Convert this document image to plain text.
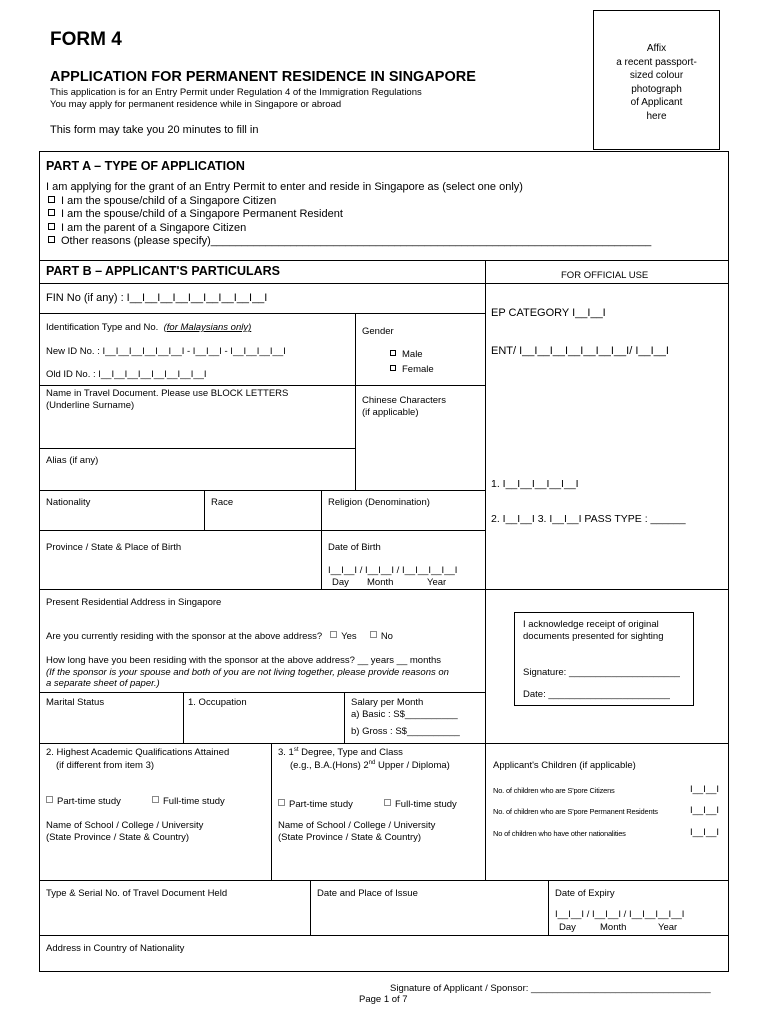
FORM 4
APPLICATION FOR PERMANENT RESIDENCE IN SINGAPORE
This application is for an Entry Permit under Regulation 4 of the Immigration Regulations
You may apply for permanent residence while in Singapore or abroad
This form may take you 20 minutes to fill in
Affix
a recent passport-
sized colour
photograph
of Applicant
here
PART A – TYPE OF APPLICATION
I am applying for the grant of an Entry Permit to enter and reside in Singapore as (select one only)
I am the spouse/child of a Singapore Citizen
I am the spouse/child of a Singapore Permanent Resident
I am the parent of a Singapore Citizen
Other reasons (please specify)________________________________________________________________________
PART B – APPLICANT'S PARTICULARS	FOR OFFICIAL USE
FIN No (if any) : I__I__I__I__I__I__I__I__I__I
Identification Type and No. (for Malaysians only)
New ID No. : I__I__I__I__I__I__I - I__I__I - I__I__I__I__I
Old ID No. : I__I__I__I__I__I__I__I__I
Gender
Male
Female
Name in Travel Document. Please use BLOCK LETTERS
(Underline Surname)	Chinese Characters
(if applicable)
Alias (if any)
Nationality	Race	Religion (Denomination)
Province / State & Place of Birth	Date of Birth
I__I__I / I__I__I / I__I__I__I__I
Day Month	Year
Present Residential Address in Singapore
Are you currently residing with the sponsor at the above address? Yes	No
How long have you been residing with the sponsor at the above address? __ years __ months
(If the sponsor is your spouse and both of you are not living together, please provide reasons on
a separate sheet of paper.)
Marital Status	1. Occupation	Salary per Month
a) Basic : S$__________
b) Gross : S$__________
2. Highest Academic Qualifications Attained
(if different from item 3)
Part-time study	Full-time study
Name of School / College / University
(State Province / State & Country)
3. 1st Degree, Type and Class
(e.g., B.A.(Hons) 2nd Upper / Diploma)
Part-time study	Full-time study
Name of School / College / University
(State Province / State & Country)
Applicant's Children (if applicable)
No. of children who are S'pore Citizens	I__I__I
No. of children who are S'pore Permanent Residents	I__I__I
No of children who have other nationalities	I__I__I
Type & Serial No. of Travel Document Held	Date and Place of Issue	Date of Expiry
I__I__I / I__I__I / I__I__I__I__I
Day	Month	Year
Address in Country of Nationality
EP CATEGORY I__I__I
ENT/ I__I__I__I__I__I__I__I/ I__I__I
1. I__I__I__I__I__I
2. I__I__I 3. I__I__I PASS TYPE : ______
I acknowledge receipt of original
documents presented for sighting
Signature: _____________________
Date: _______________________
Signature of Applicant / Sponsor: __________________________________
Page 1 of 7
